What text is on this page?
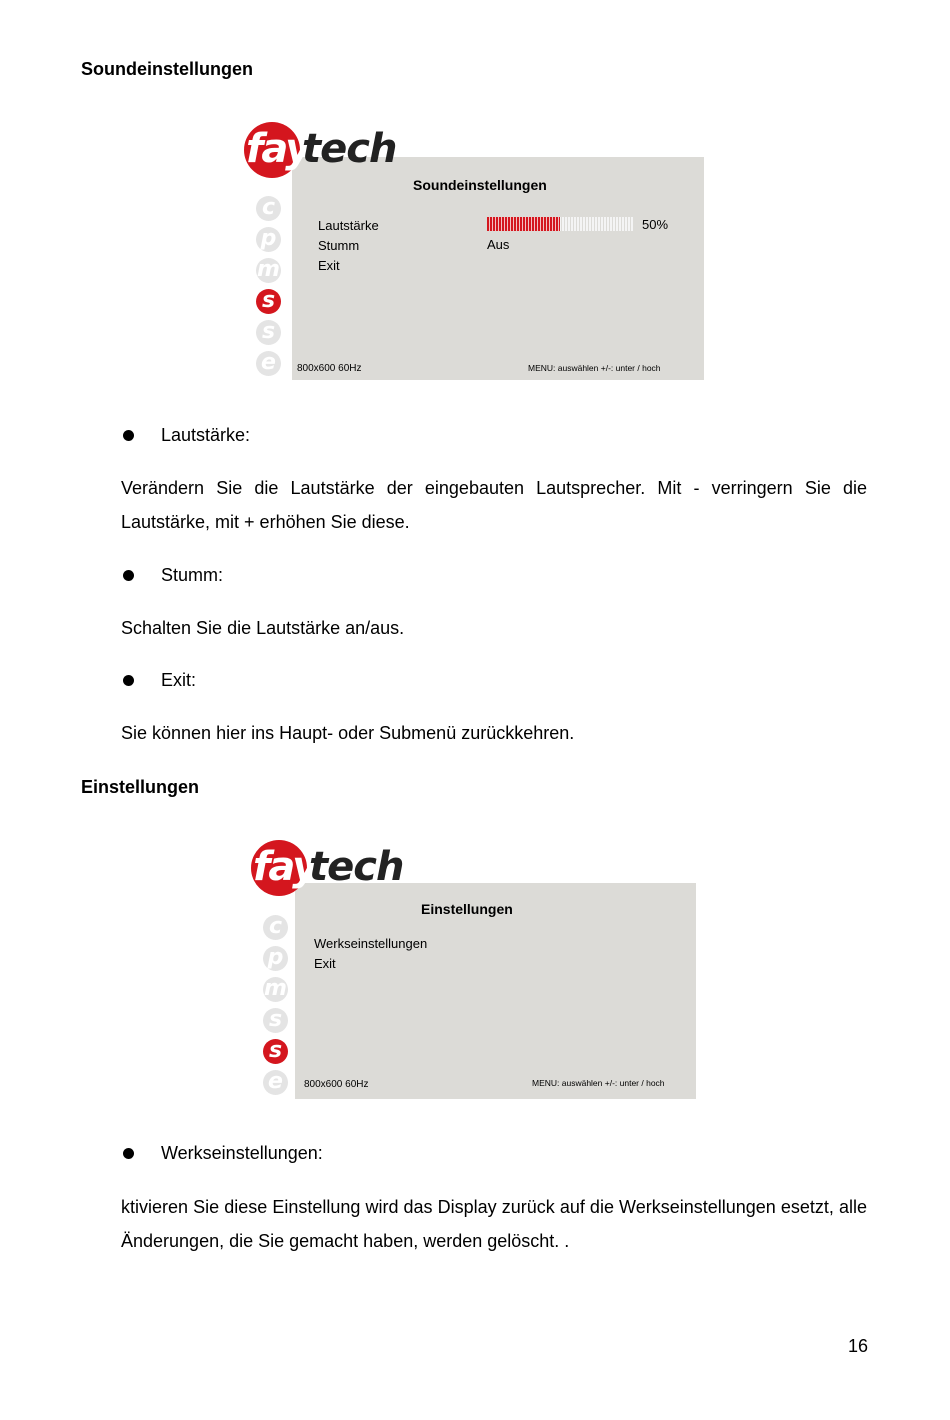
Soundeinstellungen
fay
tech
c
p
m
s
s
e
Soundeinstellungen
Lautstärke
Stumm
Exit
50%
Aus
800x600 60Hz	MENU: auswählen +/-: unter / hoch
Lautstärke:
Verändern Sie die Lautstärke der eingebauten Lautsprecher. Mit - verringern Sie die Lautstärke, mit + erhöhen Sie diese.
Stumm:
Schalten Sie die Lautstärke an/aus.
Exit:
Sie können hier ins Haupt- oder Submenü zurückkehren.
Einstellungen
fay
tech
c
p
m
s
s
e
Einstellungen
Werkseinstellungen
Exit
800x600 60Hz	MENU: auswählen +/-: unter / hoch
Werkseinstellungen:
ktivieren Sie diese Einstellung wird das Display zurück auf die Werkseinstellungen esetzt, alle Änderungen, die Sie gemacht haben, werden gelöscht. .
16
